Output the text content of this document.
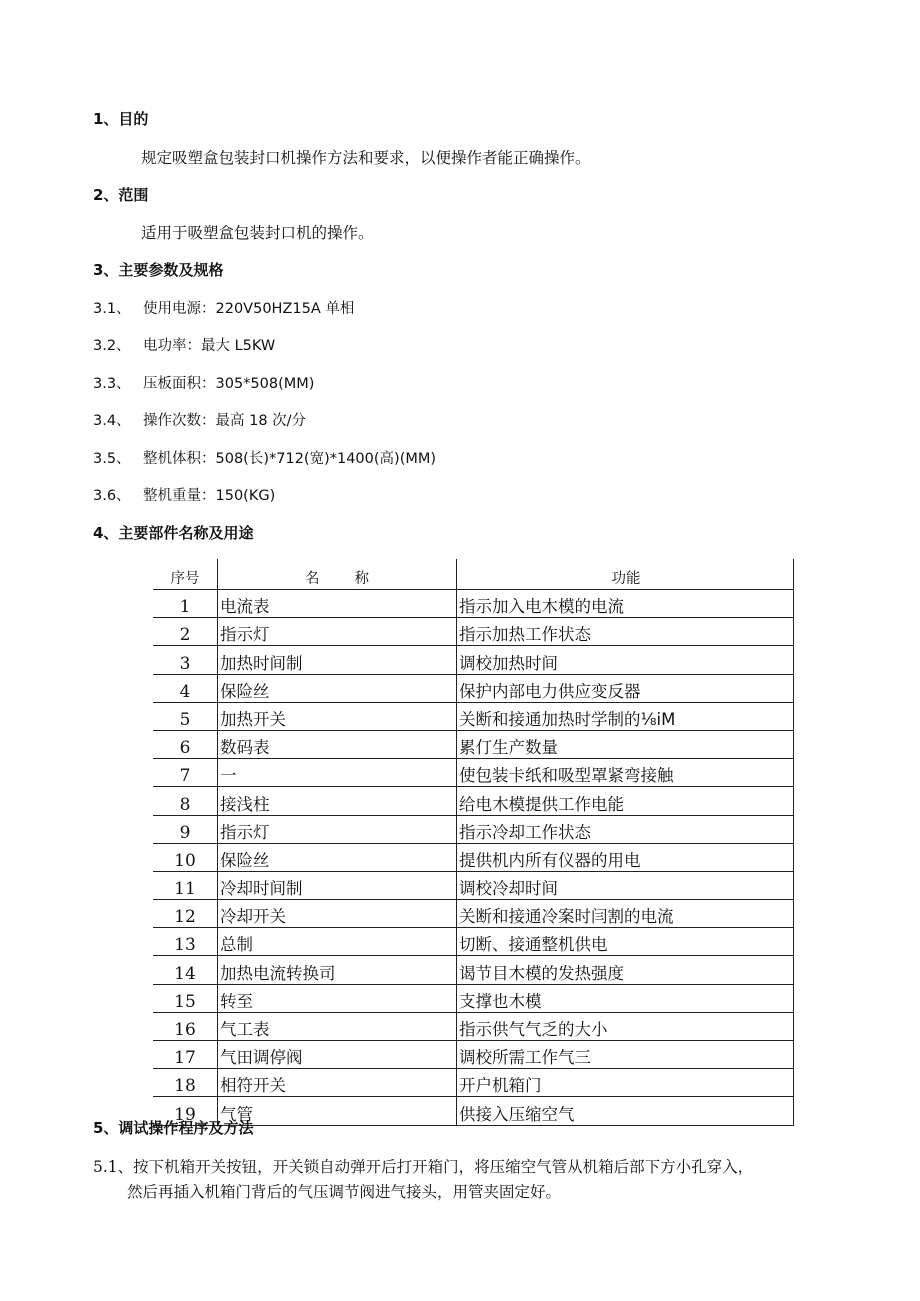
1、目的
规定吸塑盒包装封口机操作方法和要求，以便操作者能正确操作。
2、范围
适用于吸塑盒包装封口机的操作。
3、主要参数及规格
3.1、 使用电源：220V50HZ15A 单相
3.2、 电功率：最大 L5KW
3.3、 压板面积：305*508(MM)
3.4、 操作次数：最高 18 次/分
3.5、 整机体积：508(长)*712(宽)*1400(高)(MM)
3.6、 整机重量：150(KG)
4、主要部件名称及用途
序号	名　　称	功能
1	电流表	指示加入电木模的电流
2	指示灯	指示加热工作状态
3	加热时间制	调校加热时间
4	保险丝	保护内部电力供应变反器
5	加热开关	关断和接通加热时学制的⅛iM
6	数码表	累仃生产数量
7	一	使包装卡纸和吸型罩紧弯接触
8	接浅柱	给电木模提供工作电能
9	指示灯	指示冷却工作状态
10	保险丝	提供机内所有仪器的用电
11	冷却时间制	调校冷却时间
12	冷却开关	关断和接通冷案时闫割的电流
13	总制	切断、接通整机供电
14	加热电流转换司	谒节目木模的发热强度
15	转至	支撑也木模
16	气工表	指示供气气乏的大小
17	气田调停阀	调校所需工作气三
18	相符开关	开户机箱门
19	气管	供接入压缩空气
5、调试操作程序及方法
5.1、按下机箱开关按钮，开关锁自动弹开后打开箱门，将压缩空气管从机箱后部下方小孔穿入，
然后再插入机箱门背后的气压调节阀进气接头，用管夹固定好。
